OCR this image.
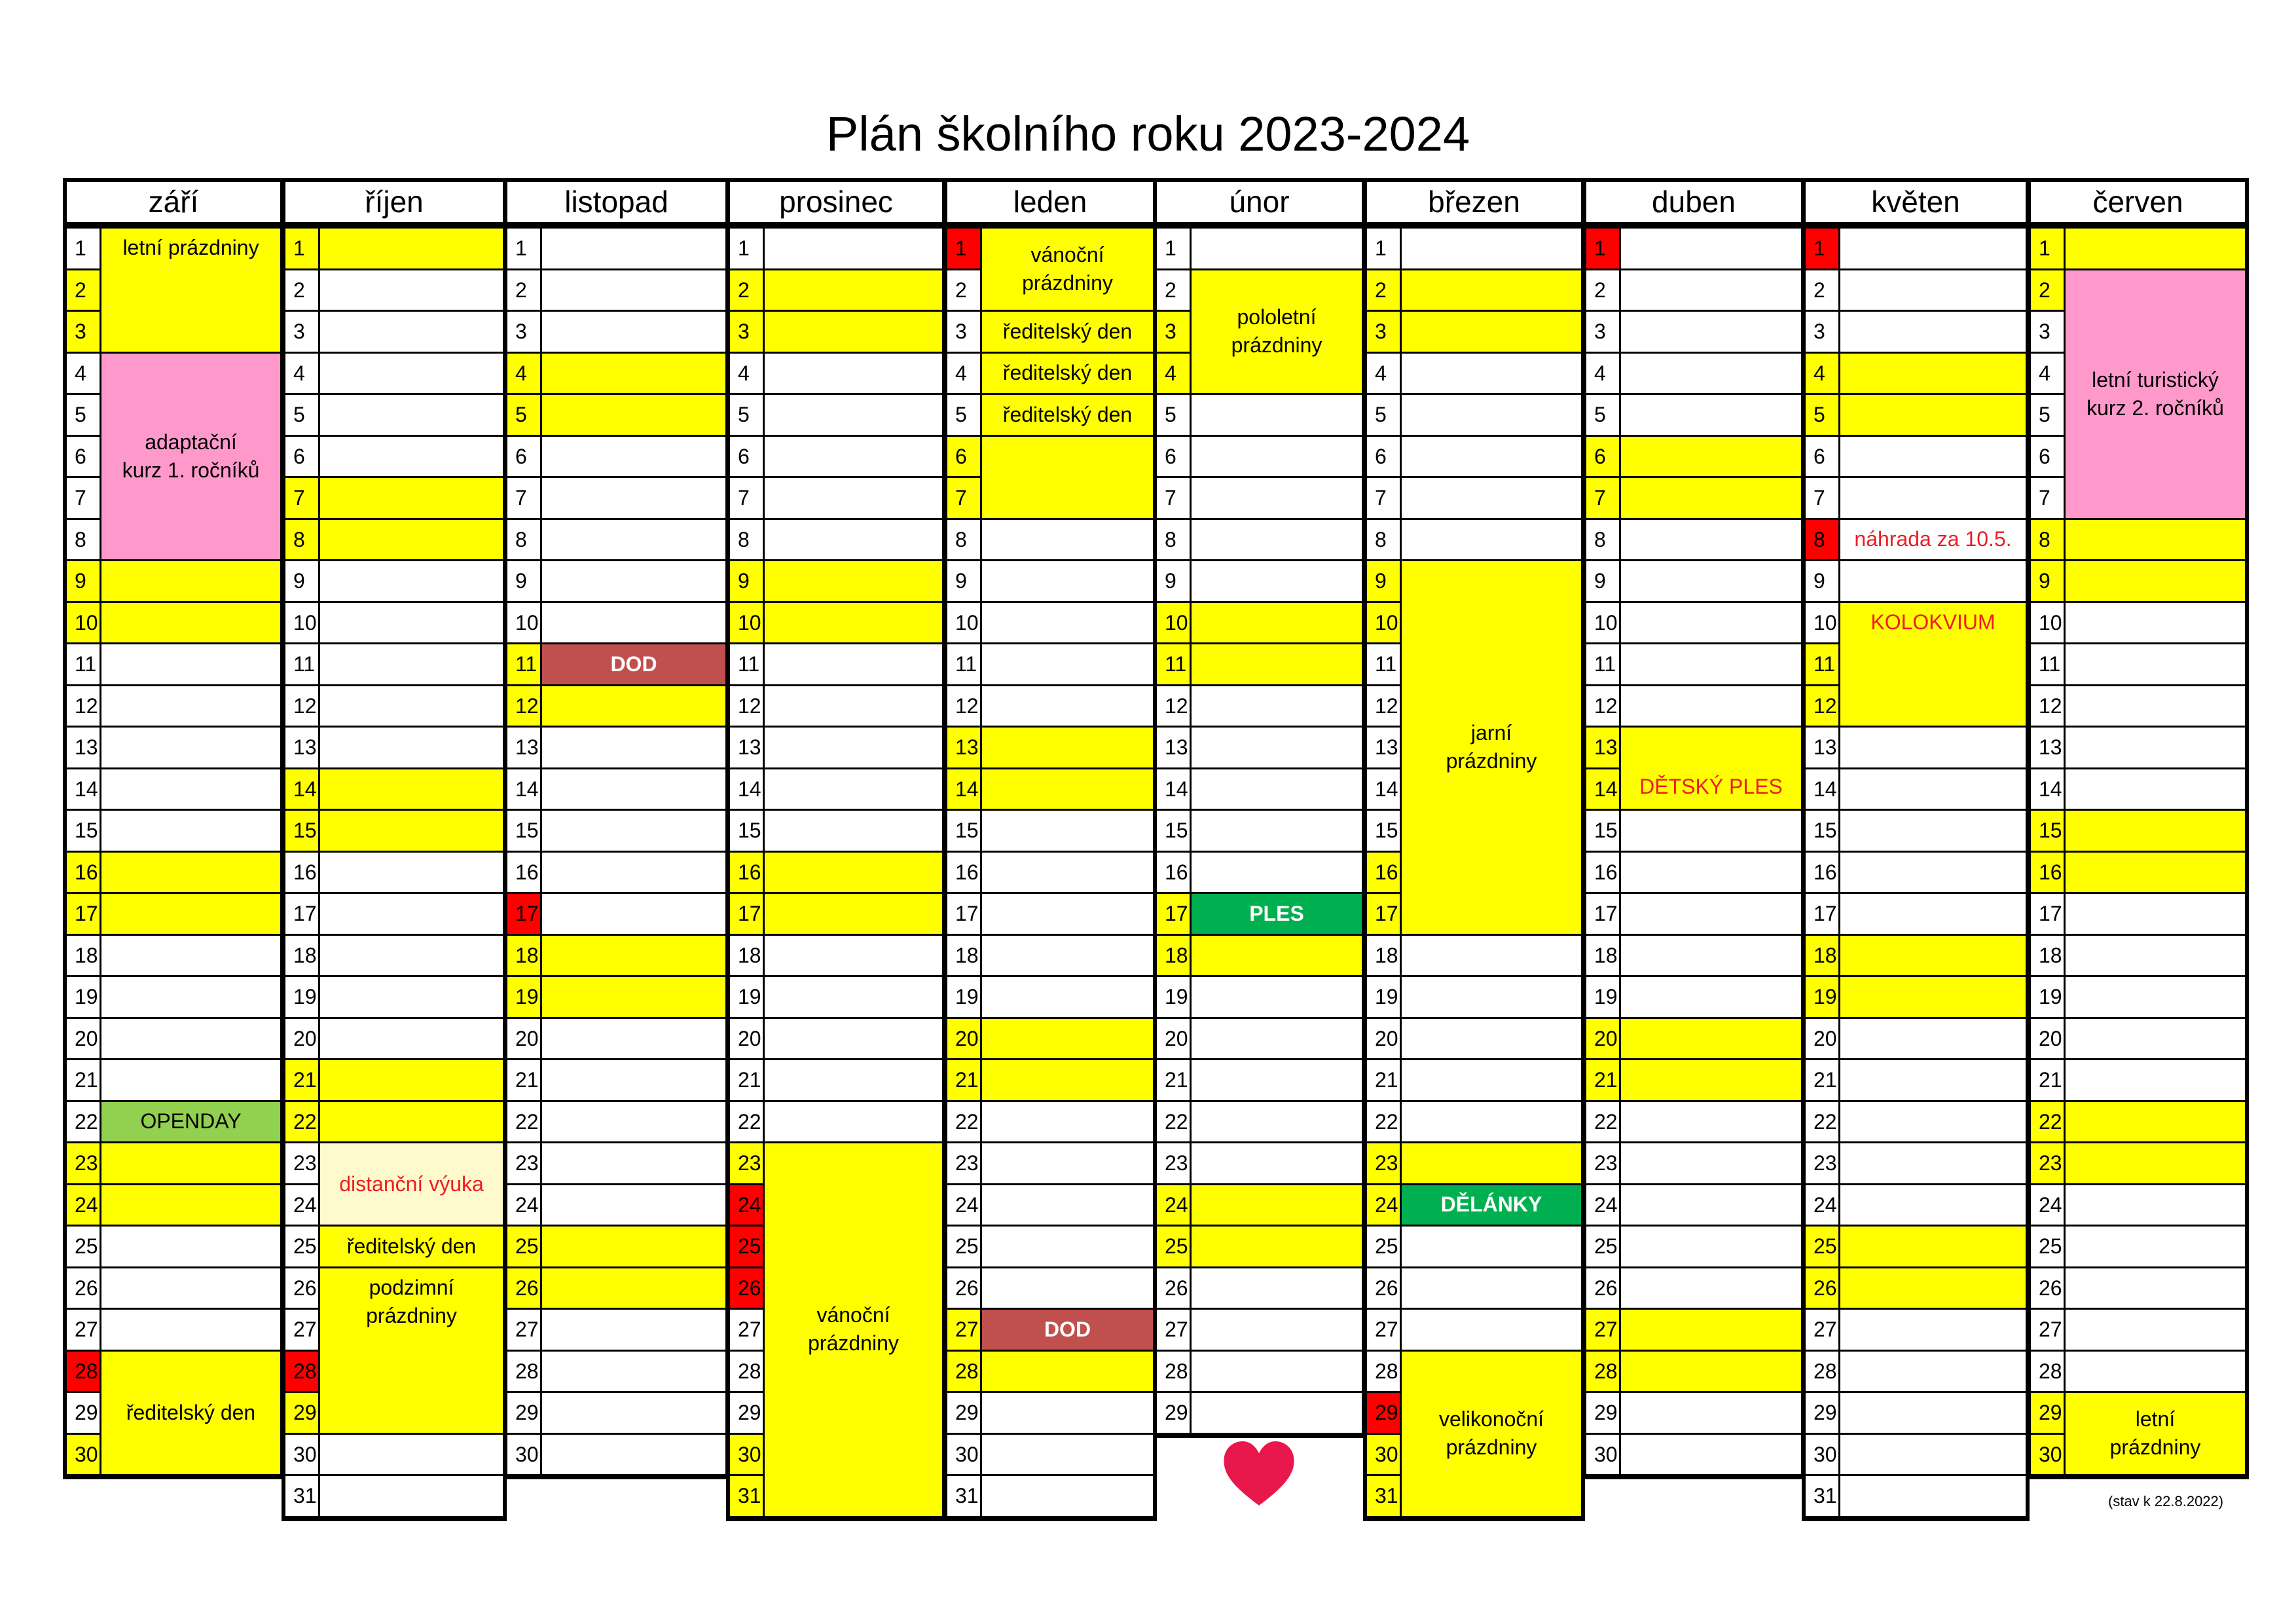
Plán školního roku 2023-2024
září
1
2
3
4
5
6
7
8
9
10
11
12
13
14
15
16
17
18
19
20
21
22
23
24
25
26
27
28
29
30
letní prázdniny
adaptační
kurz 1. ročníků
OPENDAY
ředitelský den
říjen
1
2
3
4
5
6
7
8
9
10
11
12
13
14
15
16
17
18
19
20
21
22
23
24
25
26
27
28
29
30
31
distanční výuka
ředitelský den
podzimní
prázdniny
listopad
1
2
3
4
5
6
7
8
9
10
11
12
13
14
15
16
17
18
19
20
21
22
23
24
25
26
27
28
29
30
DOD
prosinec
1
2
3
4
5
6
7
8
9
10
11
12
13
14
15
16
17
18
19
20
21
22
23
24
25
26
27
28
29
30
31
vánoční
prázdniny
leden
1
2
3
4
5
6
7
8
9
10
11
12
13
14
15
16
17
18
19
20
21
22
23
24
25
26
27
28
29
30
31
vánoční
prázdniny
ředitelský den
ředitelský den
ředitelský den
DOD
únor
1
2
3
4
5
6
7
8
9
10
11
12
13
14
15
16
17
18
19
20
21
22
23
24
25
26
27
28
29
pololetní
prázdniny
PLES
březen
1
2
3
4
5
6
7
8
9
10
11
12
13
14
15
16
17
18
19
20
21
22
23
24
25
26
27
28
29
30
31
jarní
prázdniny
DĚLÁNKY
velikonoční
prázdniny
duben
1
2
3
4
5
6
7
8
9
10
11
12
13
14
15
16
17
18
19
20
21
22
23
24
25
26
27
28
29
30
DĚTSKÝ PLES
květen
1
2
3
4
5
6
7
8
9
10
11
12
13
14
15
16
17
18
19
20
21
22
23
24
25
26
27
28
29
30
31
náhrada za 10.5.
KOLOKVIUM
červen
1
2
3
4
5
6
7
8
9
10
11
12
13
14
15
16
17
18
19
20
21
22
23
24
25
26
27
28
29
30
letní turistický
kurz 2. ročníků
letní
prázdniny
(stav k 22.8.2022)
